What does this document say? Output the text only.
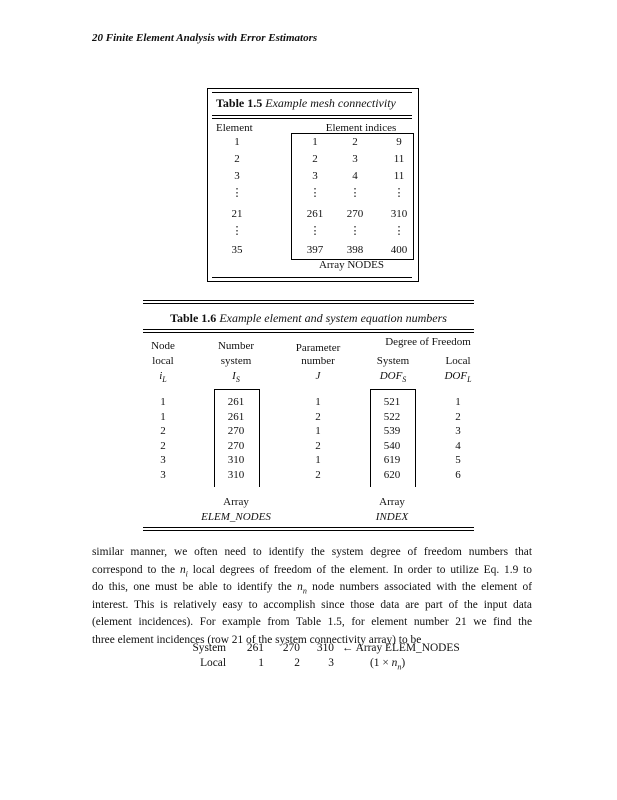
20 Finite Element Analysis with Error Estimators
Table 1.5 Example mesh connectivity
Element	Element indices
1	1	2	9
2	2	3	11
3	3	4	11
⋮	⋮	⋮	⋮
21	261	270	310
⋮	⋮	⋮	⋮
35	397	398	400
Array NODES
Table 1.6 Example element and system equation numbers
Node	Number	Parameter	Degree of Freedom
local	system	number	System	Local
$i_L$	$I_S$	J	$DOF_S$	$DOF_L$
1	261	1	521	1
1	261	2	522	2
2	270	1	539	3
2	270	2	540	4
3	310	1	619	5
3	310	2	620	6
Array
ELEM_NODES
Array
INDEX
similar manner, we often need to identify the system degree of freedom numbers that
correspond to the $n_i$ local degrees of freedom of the element. In order to utilize Eq. 1.9 to
do this, one must be able to identify the $n_n$ node numbers associated with the element of
interest. This is relatively easy to accomplish since those data are part of the input data
(element incidences). For example from Table 1.5, for element number 21 we find the
three element incidences (row 21 of the system connectivity array) to be
System	261	270	310 ← Array ELEM_NODES
Local	1	2	3	$(1 \times n_n)$
